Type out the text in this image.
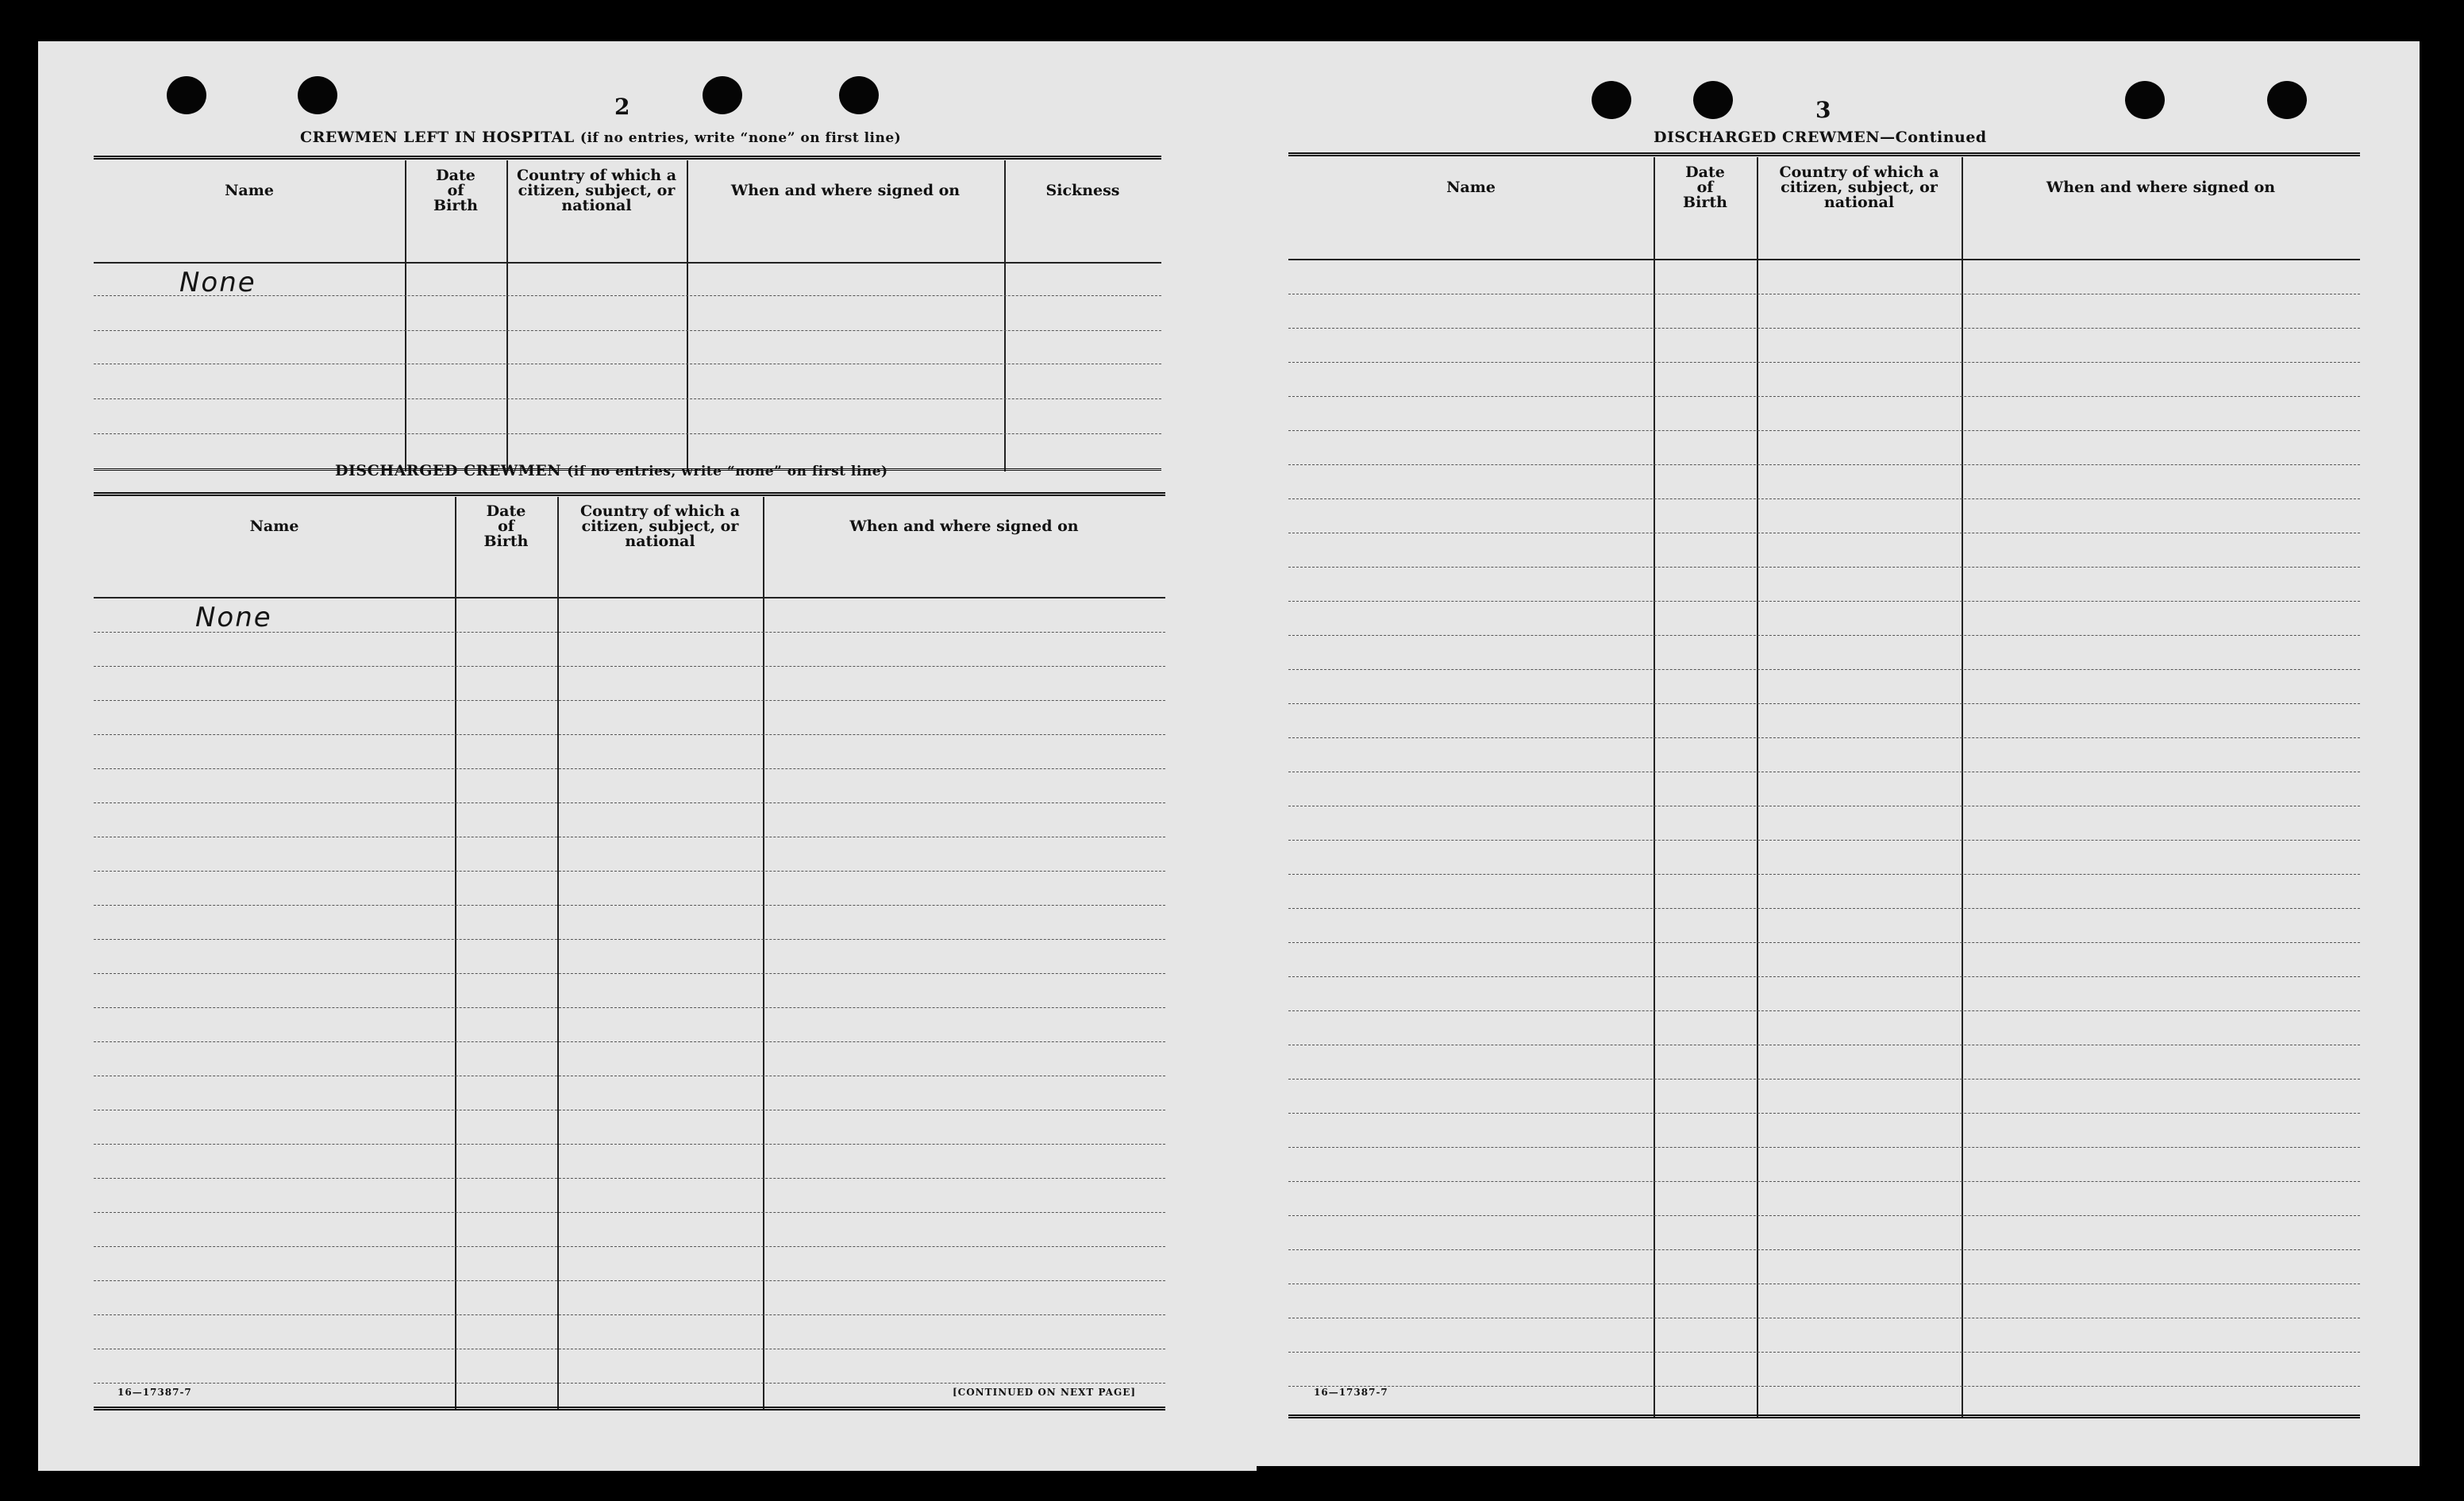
2
CREWMEN LEFT IN HOSPITAL (if no entries, write “none” on first line)
Name
Date of Birth
Country of which a citizen, subject, or national
When and where signed on	Sickness
None
DISCHARGED CREWMEN (if no entries, write “none” on first line)
Name
Date of Birth
Country of which a citizen, subject, or national
When and where signed on
None
16—17387-7	[CONTINUED ON NEXT PAGE]
3
DISCHARGED CREWMEN—Continued
Name
Date of Birth
Country of which a citizen, subject, or national
When and where signed on
16—17387-7
